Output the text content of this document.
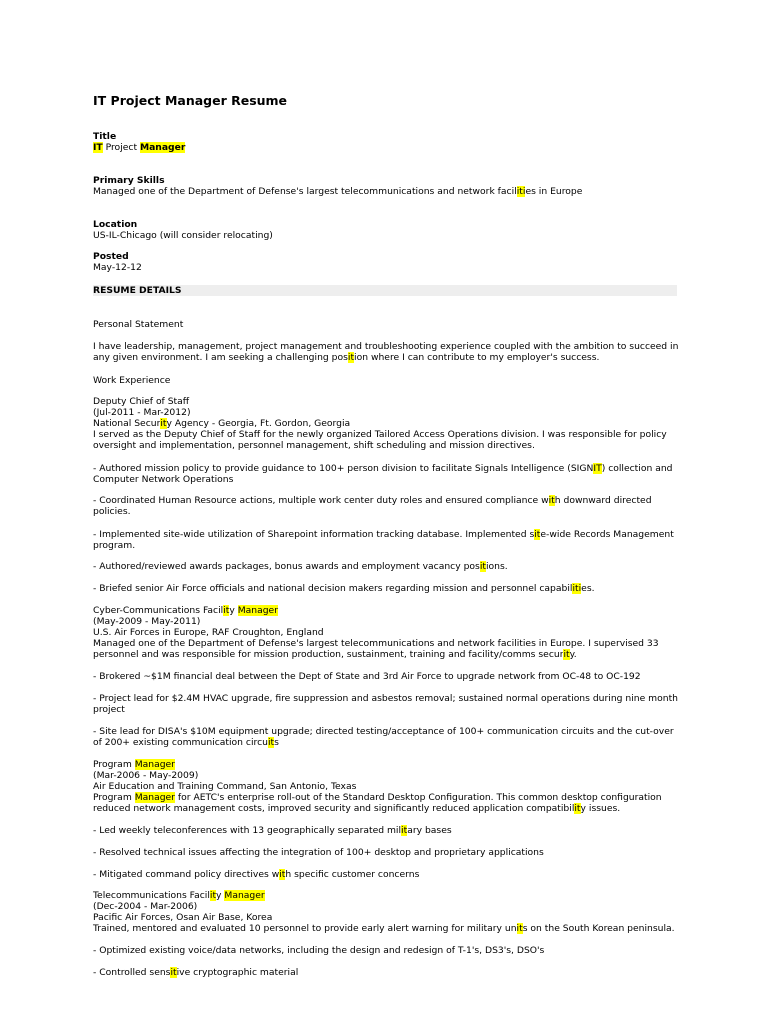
IT Project Manager Resume
Title
IT Project Manager
Primary Skills
Managed one of the Department of Defense's largest telecommunications and network facilities in Europe
Location
US-IL-Chicago (will consider relocating)
Posted
May-12-12
RESUME DETAILS
Personal Statement
I have leadership, management, project management and troubleshooting experience coupled with the ambition to succeed in
any given environment. I am seeking a challenging position where I can contribute to my employer's success.
Work Experience
Deputy Chief of Staff
(Jul-2011 - Mar-2012)
National Security Agency - Georgia, Ft. Gordon, Georgia
I served as the Deputy Chief of Staff for the newly organized Tailored Access Operations division. I was responsible for policy
oversight and implementation, personnel management, shift scheduling and mission directives.
- Authored mission policy to provide guidance to 100+ person division to facilitate Signals Intelligence (SIGNIT) collection and
Computer Network Operations
- Coordinated Human Resource actions, multiple work center duty roles and ensured compliance with downward directed
policies.
- Implemented site-wide utilization of Sharepoint information tracking database. Implemented site-wide Records Management
program.
- Authored/reviewed awards packages, bonus awards and employment vacancy positions.
- Briefed senior Air Force officials and national decision makers regarding mission and personnel capabilities.
Cyber-Communications Facility Manager
(May-2009 - May-2011)
U.S. Air Forces in Europe, RAF Croughton, England
Managed one of the Department of Defense's largest telecommunications and network facilities in Europe. I supervised 33
personnel and was responsible for mission production, sustainment, training and facility/comms security.
- Brokered ~$1M financial deal between the Dept of State and 3rd Air Force to upgrade network from OC-48 to OC-192
- Project lead for $2.4M HVAC upgrade, fire suppression and asbestos removal; sustained normal operations during nine month
project
- Site lead for DISA's $10M equipment upgrade; directed testing/acceptance of 100+ communication circuits and the cut-over
of 200+ existing communication circuits
Program Manager
(Mar-2006 - May-2009)
Air Education and Training Command, San Antonio, Texas
Program Manager for AETC's enterprise roll-out of the Standard Desktop Configuration. This common desktop configuration
reduced network management costs, improved security and significantly reduced application compatibility issues.
- Led weekly teleconferences with 13 geographically separated military bases
- Resolved technical issues affecting the integration of 100+ desktop and proprietary applications
- Mitigated command policy directives with specific customer concerns
Telecommunications Facility Manager
(Dec-2004 - Mar-2006)
Pacific Air Forces, Osan Air Base, Korea
Trained, mentored and evaluated 10 personnel to provide early alert warning for military units on the South Korean peninsula.
- Optimized existing voice/data networks, including the design and redesign of T-1's, DS3's, DSO's
- Controlled sensitive cryptographic material
